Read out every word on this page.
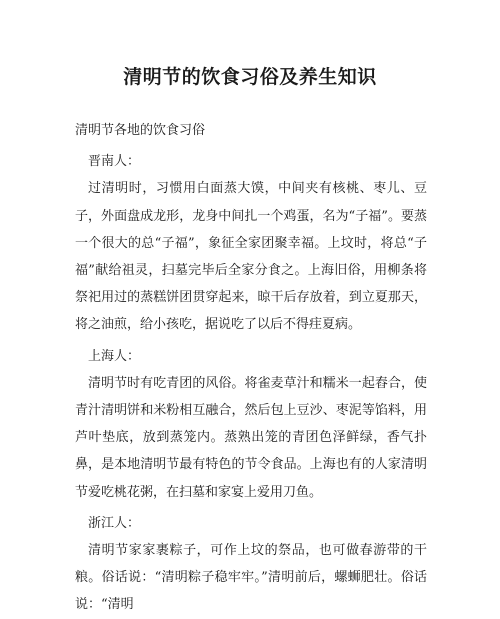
清明节的饮食习俗及养生知识

清明节各地的饮食习俗

晋南人：

过清明时，习惯用白面蒸大馍，中间夹有核桃、枣儿、豆子，外面盘成龙形，龙身中间扎一个鸡蛋，名为“子福”。要蒸一个很大的总“子福”，象征全家团聚幸福。上坟时，将总“子福”献给祖灵，扫墓完毕后全家分食之。上海旧俗，用柳条将祭祀用过的蒸糕饼团贯穿起来，晾干后存放着，到立夏那天，将之油煎，给小孩吃，据说吃了以后不得疰夏病。

上海人：

清明节时有吃青团的风俗。将雀麦草汁和糯米一起舂合，使青汁清明饼和米粉相互融合，然后包上豆沙、枣泥等馅料，用芦叶垫底，放到蒸笼内。蒸熟出笼的青团色泽鲜绿，香气扑鼻，是本地清明节最有特色的节令食品。上海也有的人家清明节爱吃桃花粥，在扫墓和家宴上爱用刀鱼。

浙江人：

清明节家家裹粽子，可作上坟的祭品，也可做春游带的干粮。俗话说：“清明粽子稳牢牢。”清明前后，螺蛳肥壮。俗话说：“清明
